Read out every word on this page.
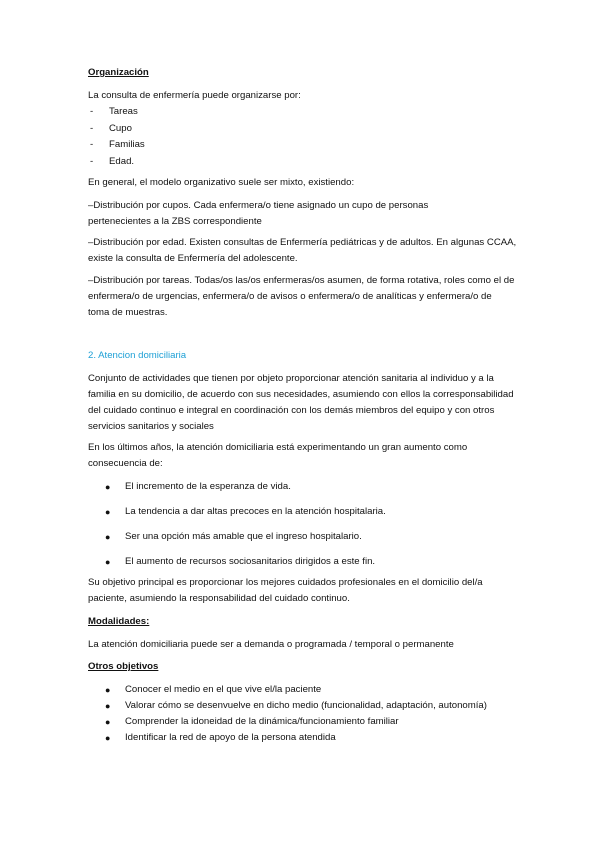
Organización

La consulta de enfermería puede organizarse por:

- Tareas
- Cupo
- Familias
- Edad.

En general, el modelo organizativo suele ser mixto, existiendo:

–Distribución por cupos. Cada enfermera/o tiene asignado un cupo de personas pertenecientes a la ZBS correspondiente

–Distribución por edad. Existen consultas de Enfermería pediátricas y de adultos. En algunas CCAA, existe la consulta de Enfermería del adolescente.

–Distribución por tareas. Todas/os las/os enfermeras/os asumen, de forma rotativa, roles como el de enfermera/o de urgencias, enfermera/o de avisos o enfermera/o de analíticas y enfermera/o de toma de muestras.

2. Atencion domiciliaria

Conjunto de actividades que tienen por objeto proporcionar atención sanitaria al individuo y a la familia en su domicilio, de acuerdo con sus necesidades, asumiendo con ellos la corresponsabilidad del cuidado continuo e integral en coordinación con los demás miembros del equipo y con otros servicios sanitarios y sociales

En los últimos años, la atención domiciliaria está experimentando un gran aumento como consecuencia de:

● El incremento de la esperanza de vida.
● La tendencia a dar altas precoces en la atención hospitalaria.
● Ser una opción más amable que el ingreso hospitalario.
● El aumento de recursos sociosanitarios dirigidos a este fin.

Su objetivo principal es proporcionar los mejores cuidados profesionales en el domicilio del/a paciente, asumiendo la responsabilidad del cuidado continuo.

Modalidades:

La atención domiciliaria puede ser a demanda o programada / temporal o permanente

Otros objetivos

● Conocer el medio en el que vive el/la paciente
● Valorar cómo se desenvuelve en dicho medio (funcionalidad, adaptación, autonomía)
● Comprender la idoneidad de la dinámica/funcionamiento familiar
● Identificar la red de apoyo de la persona atendida
